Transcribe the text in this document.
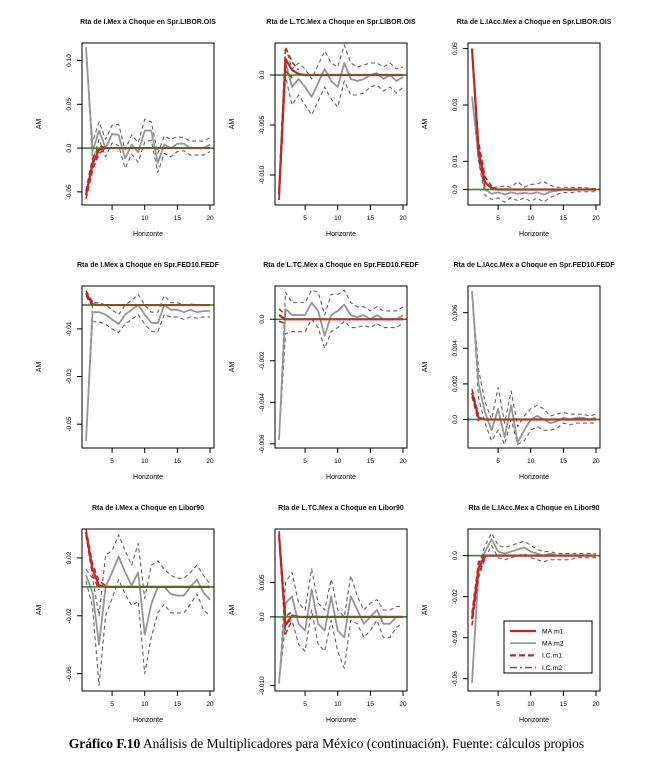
Rta de I.Mex a Choque en Spr.LIBOR.OIS
0.10
0.05
0.0
-0.05
5	10	15	20
AM
Horizonte
Rta de L.TC.Mex a Choque en Spr.LIBOR.OIS
0.0
-0.005
-0.010
5	10	15	20
AM
Horizonte
Rta de L.IAcc.Mex a Choque en Spr.LIBOR.OIS
0.05
0.03
0.01
0.0
5	10	15	20
AM
Horizonte
Rta de I.Mex a Choque en Spr.FED10.FEDF
-0.01
-0.03
-0.05
5	10	15	20
AM
Horizonte
Rta de L.TC.Mex a Choque en Spr.FED10.FEDF
0.0
-0.002
-0.004
-0.006
5	10	15	20
AM
Horizonte
Rta de L.IAcc.Mex a Choque en Spr.FED10.FEDF
0.006
0.004
0.002
0.0
5	10	15	20
AM
Horizonte
Rta de I.Mex a Choque en Libor90
0.02
-0.02
-0.06
5	10	15	20
AM
Horizonte
Rta de L.TC.Mex a Choque en Libor90
0.005
0.0
-0.010
5	10	15	20
AM
Horizonte
Rta de L.IAcc.Mex a Choque en Libor90
0.0
-0.02
-0.04
-0.06
5	10	15	20
AM
Horizonte
MA.m1
MA.m2
I.C.m1
I.C.m2
Gráfico F.10 Análisis de Multiplicadores para México (continuación). Fuente: cálculos propios
